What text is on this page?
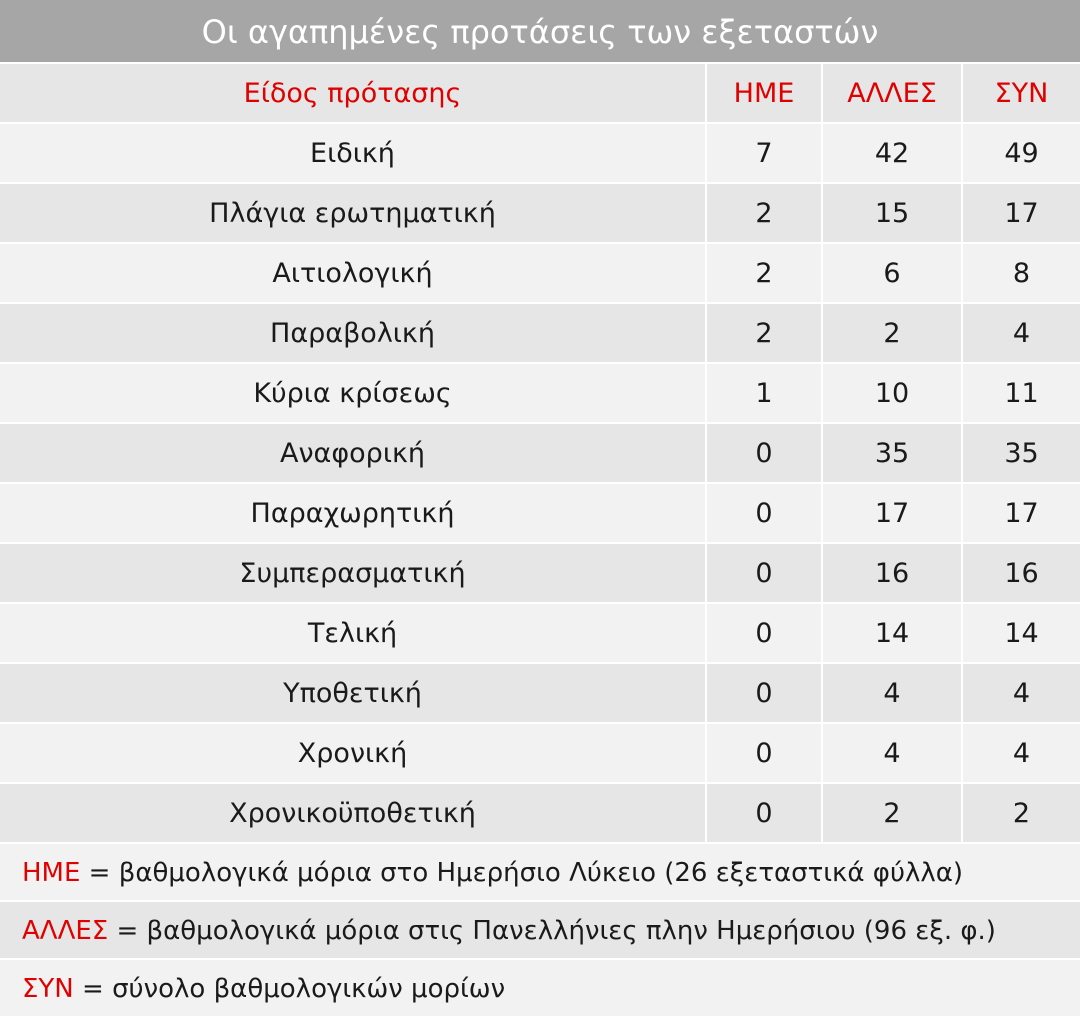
Οι αγαπημένες προτάσεις των εξεταστών
Είδος πρότασης	ΗΜΕ	ΑΛΛΕΣ	ΣΥΝ
Ειδική	7	42	49
Πλάγια ερωτηματική	2	15	17
Αιτιολογική	2	6	8
Παραβολική	2	2	4
Κύρια κρίσεως	1	10	11
Αναφορική	0	35	35
Παραχωρητική	0	17	17
Συμπερασματική	0	16	16
Τελική	0	14	14
Υποθετική	0	4	4
Χρονική	0	4	4
Χρονικοϋποθετική	0	2	2
ΗΜΕ = βαθμολογικά μόρια στο Ημερήσιο Λύκειο (26 εξεταστικά φύλλα)
ΑΛΛΕΣ = βαθμολογικά μόρια στις Πανελλήνιες πλην Ημερήσιου (96 εξ. φ.)
ΣΥΝ = σύνολο βαθμολογικών μορίων
